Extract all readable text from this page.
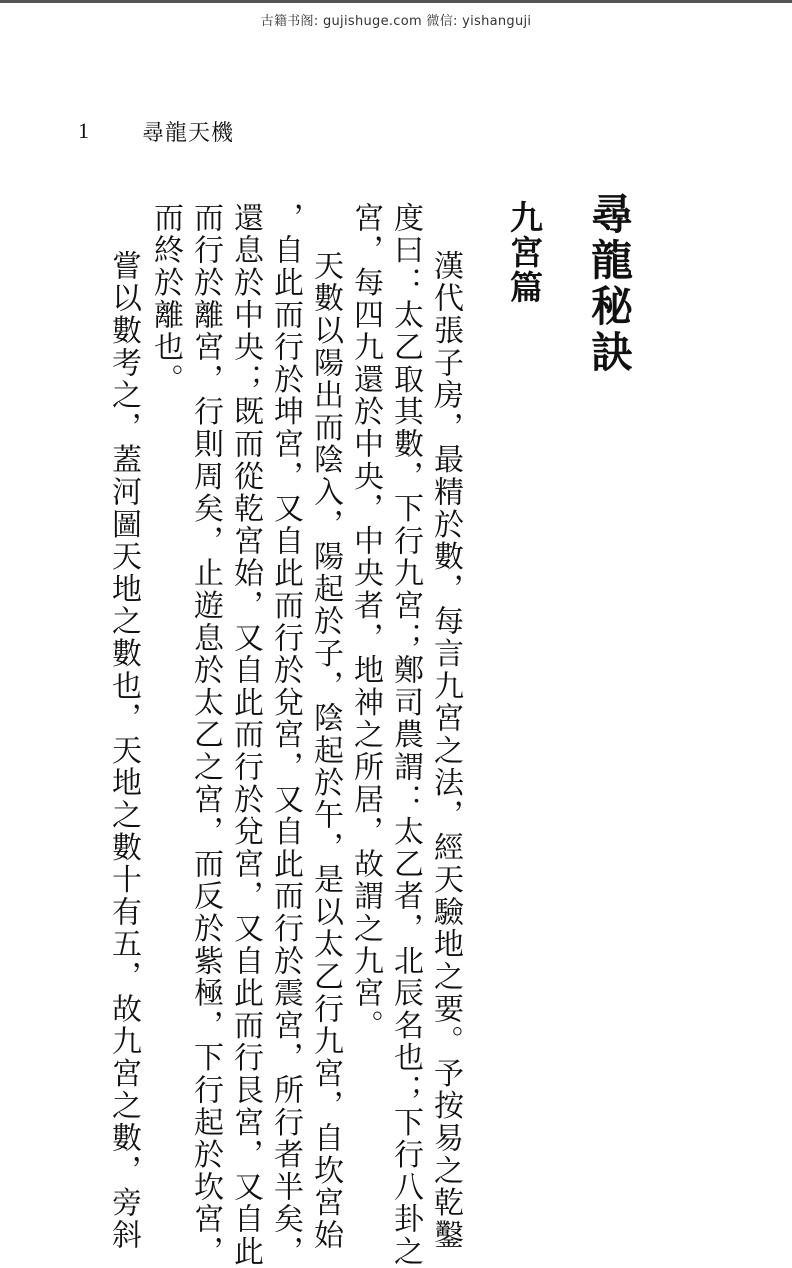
古籍书阁: gujishuge.com 微信: yishanguji
1 尋龍天機
尋龍秘訣
九宮篇
漢代張子房，最精於數，每言九宮之法，經天驗地之要。予按易之乾鑿
度曰：太乙取其數，下行九宮；鄭司農謂：太乙者，北辰名也；下行八卦之
宮，每四九還於中央，中央者，地神之所居，故謂之九宮。
天數以陽出而陰入，陽起於子，陰起於午，是以太乙行九宮，自坎宮始
，自此而行於坤宮，又自此而行於兌宮，又自此而行於震宮，所行者半矣，
還息於中央；既而從乾宮始，又自此而行於兌宮，又自此而行艮宮，又自此
而行於離宮，行則周矣，止遊息於太乙之宮，而反於紫極，下行起於坎宮，
而終於離也。
嘗以數考之，蓋河圖天地之數也，天地之數十有五，故九宮之數，旁斜
